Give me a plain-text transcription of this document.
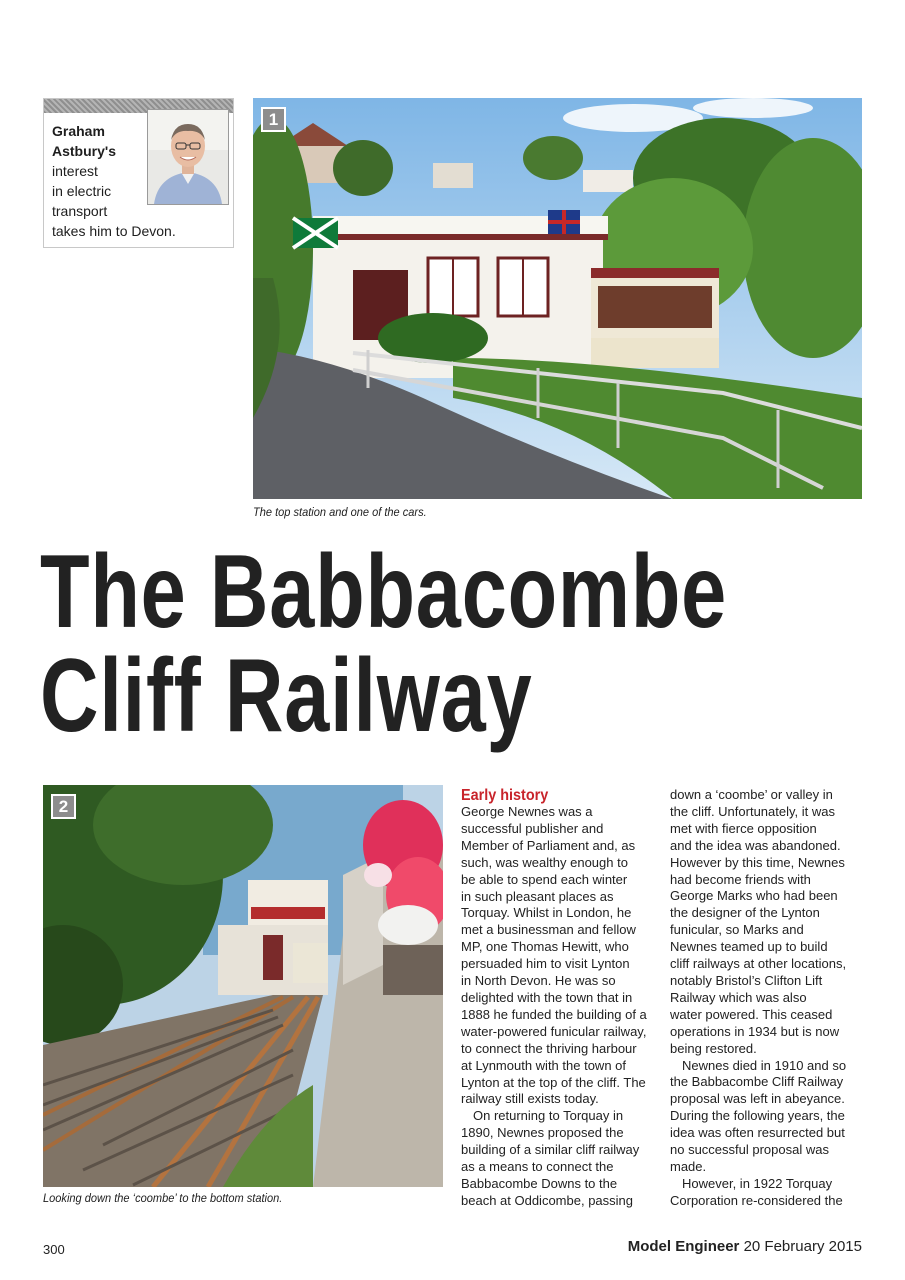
Graham
Astbury's
interest
in electric
transport
takes him to Devon.
1
The top station and one of the cars.
The Babbacombe
Cliff Railway
2
Looking down the ‘coombe’ to the bottom station.
Early history
George Newnes was a
successful publisher and
Member of Parliament and, as
such, was wealthy enough to
be able to spend each winter
in such pleasant places as
Torquay. Whilst in London, he
met a businessman and fellow
MP, one Thomas Hewitt, who
persuaded him to visit Lynton
in North Devon. He was so
delighted with the town that in
1888 he funded the building of a
water-powered funicular railway,
to connect the thriving harbour
at Lynmouth with the town of
Lynton at the top of the cliff. The
railway still exists today.
On returning to Torquay in
1890, Newnes proposed the
building of a similar cliff railway
as a means to connect the
Babbacombe Downs to the
beach at Oddicombe, passing
down a ‘coombe’ or valley in
the cliff. Unfortunately, it was
met with fierce opposition
and the idea was abandoned.
However by this time, Newnes
had become friends with
George Marks who had been
the designer of the Lynton
funicular, so Marks and
Newnes teamed up to build
cliff railways at other locations,
notably Bristol’s Clifton Lift
Railway which was also
water powered. This ceased
operations in 1934 but is now
being restored.
Newnes died in 1910 and so
the Babbacombe Cliff Railway
proposal was left in abeyance.
During the following years, the
idea was often resurrected but
no successful proposal was
made.
However, in 1922 Torquay
Corporation re-considered the
300	Model Engineer 20 February 2015
